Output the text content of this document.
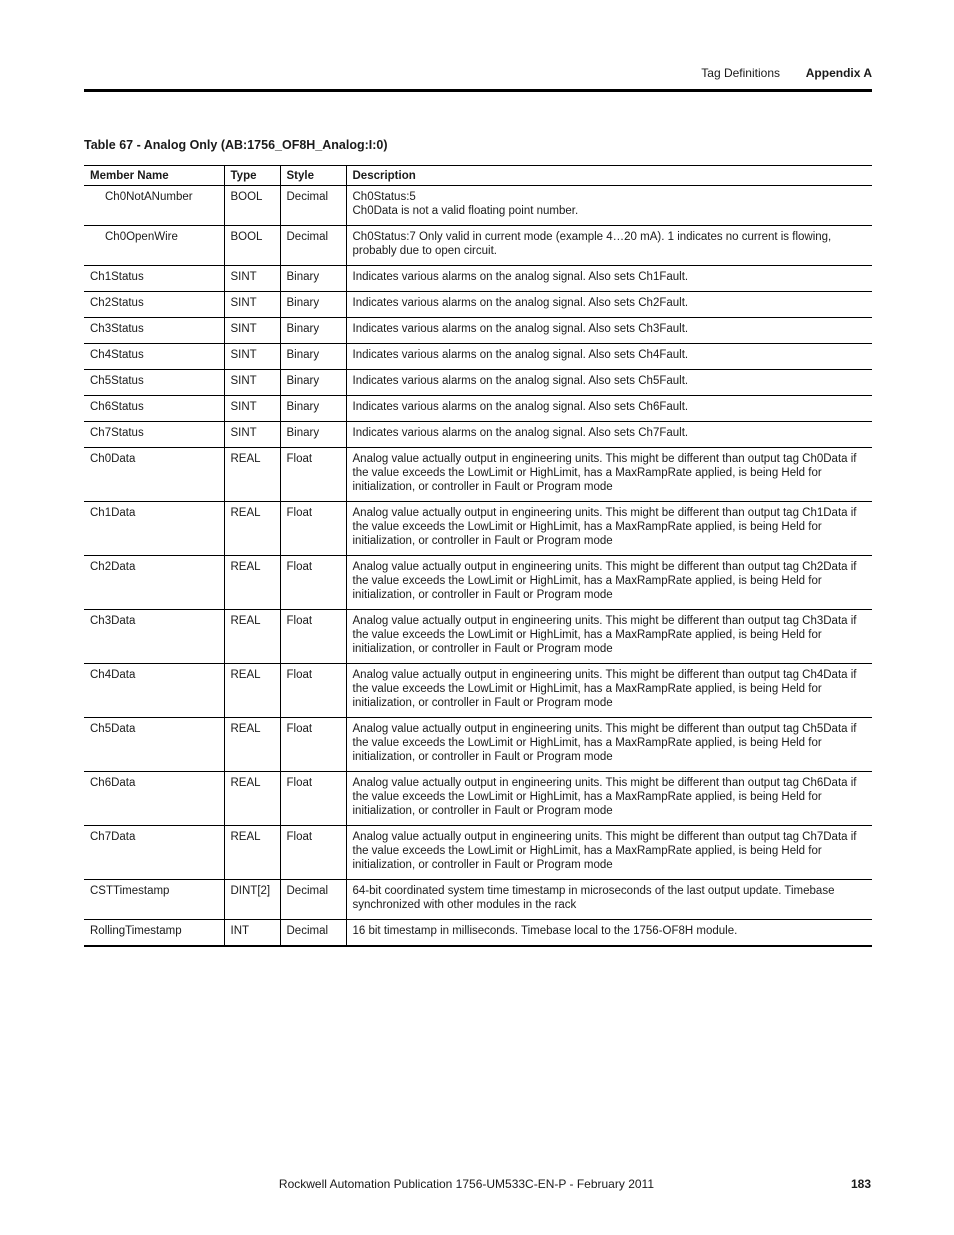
Tag Definitions Appendix A
Table 67 - Analog Only (AB:1756_OF8H_Analog:I:0)
Member Name	Type	Style	Description
Ch0NotANumber	BOOL	Decimal	Ch0Status:5
Ch0Data is not a valid floating point number.

Ch0OpenWire	BOOL	Decimal	Ch0Status:7 Only valid in current mode (example 4…20 mA). 1 indicates no current is flowing, probably due to open circuit.

Ch1Status	SINT	Binary	Indicates various alarms on the analog signal. Also sets Ch1Fault.

Ch2Status	SINT	Binary	Indicates various alarms on the analog signal. Also sets Ch2Fault.

Ch3Status	SINT	Binary	Indicates various alarms on the analog signal. Also sets Ch3Fault.

Ch4Status	SINT	Binary	Indicates various alarms on the analog signal. Also sets Ch4Fault.

Ch5Status	SINT	Binary	Indicates various alarms on the analog signal. Also sets Ch5Fault.

Ch6Status	SINT	Binary	Indicates various alarms on the analog signal. Also sets Ch6Fault.

Ch7Status	SINT	Binary	Indicates various alarms on the analog signal. Also sets Ch7Fault.

Ch0Data	REAL	Float	Analog value actually output in engineering units. This might be different than output tag Ch0Data if the value exceeds the LowLimit or HighLimit, has a MaxRampRate applied, is being Held for initialization, or controller in Fault or Program mode

Ch1Data	REAL	Float	Analog value actually output in engineering units. This might be different than output tag Ch1Data if the value exceeds the LowLimit or HighLimit, has a MaxRampRate applied, is being Held for initialization, or controller in Fault or Program mode

Ch2Data	REAL	Float	Analog value actually output in engineering units. This might be different than output tag Ch2Data if the value exceeds the LowLimit or HighLimit, has a MaxRampRate applied, is being Held for initialization, or controller in Fault or Program mode

Ch3Data	REAL	Float	Analog value actually output in engineering units. This might be different than output tag Ch3Data if the value exceeds the LowLimit or HighLimit, has a MaxRampRate applied, is being Held for initialization, or controller in Fault or Program mode

Ch4Data	REAL	Float	Analog value actually output in engineering units. This might be different than output tag Ch4Data if the value exceeds the LowLimit or HighLimit, has a MaxRampRate applied, is being Held for initialization, or controller in Fault or Program mode

Ch5Data	REAL	Float	Analog value actually output in engineering units. This might be different than output tag Ch5Data if the value exceeds the LowLimit or HighLimit, has a MaxRampRate applied, is being Held for initialization, or controller in Fault or Program mode

Ch6Data	REAL	Float	Analog value actually output in engineering units. This might be different than output tag Ch6Data if the value exceeds the LowLimit or HighLimit, has a MaxRampRate applied, is being Held for initialization, or controller in Fault or Program mode

Ch7Data	REAL	Float	Analog value actually output in engineering units. This might be different than output tag Ch7Data if the value exceeds the LowLimit or HighLimit, has a MaxRampRate applied, is being Held for initialization, or controller in Fault or Program mode

CSTTimestamp	DINT[2]	Decimal	64-bit coordinated system time timestamp in microseconds of the last output update. Timebase synchronized with other modules in the rack

RollingTimestamp	INT	Decimal	16 bit timestamp in milliseconds. Timebase local to the 1756-OF8H module.
Rockwell Automation Publication 1756-UM533C-EN-P - February 2011	183
